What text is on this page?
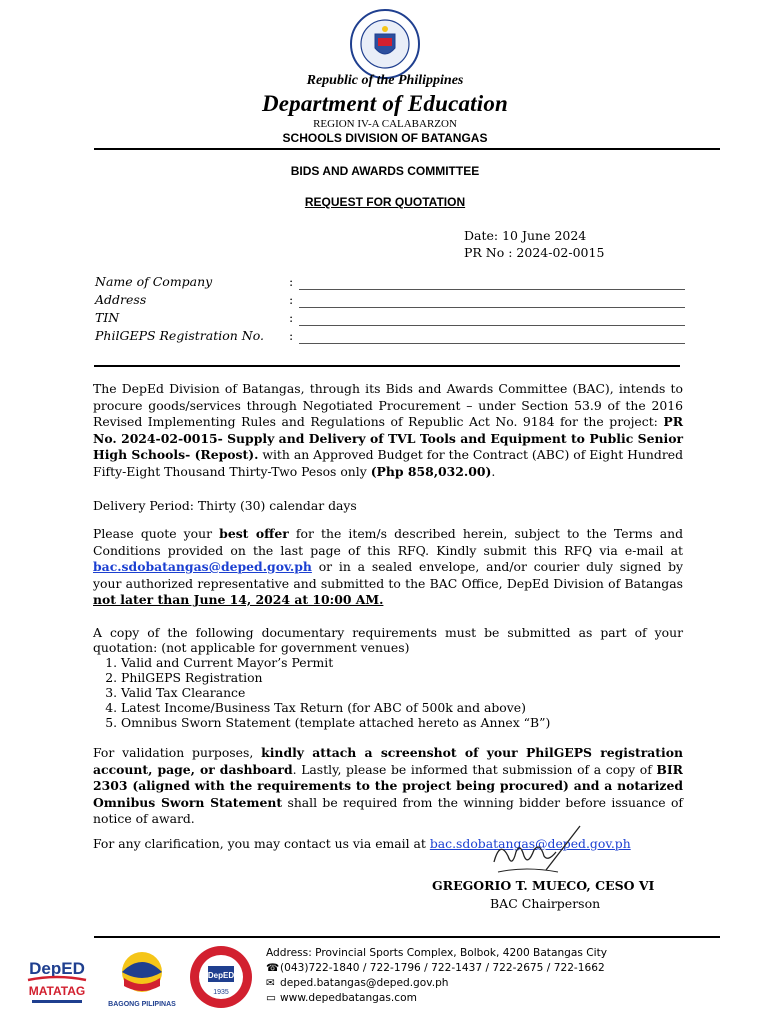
Republic of the Philippines
Department of Education
REGION IV-A CALABARZON
SCHOOLS DIVISION OF BATANGAS
BIDS AND AWARDS COMMITTEE
REQUEST FOR QUOTATION
Date: 10 June 2024
PR No : 2024-02-0015
Name of Company	:
Address	:
TIN	:
PhilGEPS Registration No. :
The DepEd Division of Batangas, through its Bids and Awards Committee (BAC), intends to procure goods/services through Negotiated Procurement – under Section 53.9 of the 2016 Revised Implementing Rules and Regulations of Republic Act No. 9184 for the project: PR No. 2024-02-0015- Supply and Delivery of TVL Tools and Equipment to Public Senior High Schools- (Repost). with an Approved Budget for the Contract (ABC) of Eight Hundred Fifty-Eight Thousand Thirty-Two Pesos only (Php 858,032.00).
Delivery Period: Thirty (30) calendar days
Please quote your best offer for the item/s described herein, subject to the Terms and Conditions provided on the last page of this RFQ. Kindly submit this RFQ via e-mail at bac.sdobatangas@deped.gov.ph or in a sealed envelope, and/or courier duly signed by your authorized representative and submitted to the BAC Office, DepEd Division of Batangas not later than June 14, 2024 at 10:00 AM.
A copy of the following documentary requirements must be submitted as part of your quotation: (not applicable for government venues)
1. Valid and Current Mayor’s Permit
2. PhilGEPS Registration
3. Valid Tax Clearance
4. Latest Income/Business Tax Return (for ABC of 500k and above)
5. Omnibus Sworn Statement (template attached hereto as Annex “B”)
For validation purposes, kindly attach a screenshot of your PhilGEPS registration account, page, or dashboard. Lastly, please be informed that submission of a copy of BIR 2303 (aligned with the requirements to the project being procured) and a notarized Omnibus Sworn Statement shall be required from the winning bidder before issuance of notice of award.
For any clarification, you may contact us via email at bac.sdobatangas@deped.gov.ph
GREGORIO T. MUECO, CESO VI
BAC Chairperson
DepED
MATATAG
BAGONG PILIPINAS
DepED
1935
Address: Provincial Sports Complex, Bolbok, 4200 Batangas City
☎(043)722-1840 / 722-1796 / 722-1437 / 722-2675 / 722-1662
✉ deped.batangas@deped.gov.ph
▭ www.depedbatangas.com
